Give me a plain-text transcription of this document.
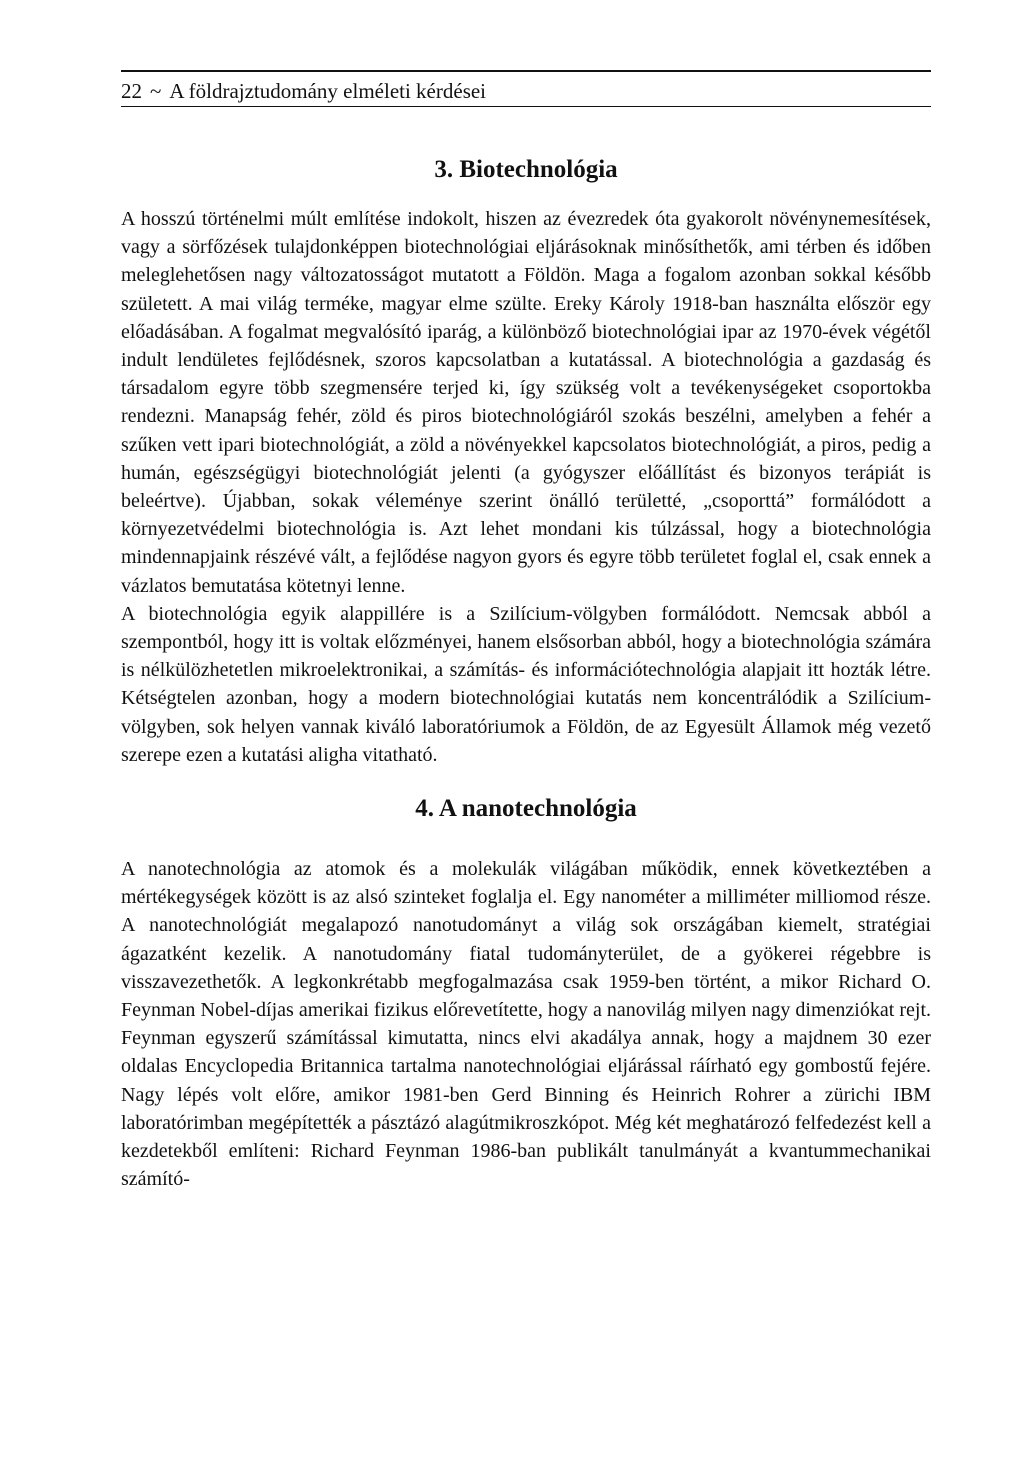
22 ~ A földrajztudomány elméleti kérdései
3. Biotechnológia

A hosszú történelmi múlt említése indokolt, hiszen az évezredek óta gyakorolt növénynemesítések, vagy a sörfőzések tulajdonképpen biotechnológiai eljárásoknak minősíthetők, ami térben és időben meleglehetősen nagy változatosságot mutatott a Földön. Maga a fogalom azonban sokkal később született. A mai világ terméke, magyar elme szülte. Ereky Károly 1918-ban használta először egy előadásában. A fogalmat megvalósító iparág, a különböző biotechnológiai ipar az 1970-évek végétől indult lendületes fejlődésnek, szoros kapcsolatban a kutatással. A biotechnológia a gazdaság és társadalom egyre több szegmensére terjed ki, így szükség volt a tevékenységeket csoportokba rendezni. Manapság fehér, zöld és piros biotechnológiáról szokás beszélni, amelyben a fehér a szűken vett ipari biotechnológiát, a zöld a növényekkel kapcsolatos biotechnológiát, a piros, pedig a humán, egészségügyi biotechnológiát jelenti (a gyógyszer előállítást és bizonyos terápiát is beleértve). Újabban, sokak véleménye szerint önálló területté, „csoporttá” formálódott a környezetvédelmi biotechnológia is. Azt lehet mondani kis túlzással, hogy a biotechnológia mindennapjaink részévé vált, a fejlődése nagyon gyors és egyre több területet foglal el, csak ennek a vázlatos bemutatása kötetnyi lenne.

A biotechnológia egyik alappillére is a Szilícium-völgyben formálódott. Nemcsak abból a szempontból, hogy itt is voltak előzményei, hanem elsősorban abból, hogy a biotechnológia számára is nélkülözhetetlen mikroelektronikai, a számítás- és információtechnológia alapjait itt hozták létre. Kétségtelen azonban, hogy a modern biotechnológiai kutatás nem koncentrálódik a Szilícium-völgyben, sok helyen vannak kiváló laboratóriumok a Földön, de az Egyesült Államok még vezető szerepe ezen a kutatási aligha vitatható.

4. A nanotechnológia

A nanotechnológia az atomok és a molekulák világában működik, ennek következtében a mértékegységek között is az alsó szinteket foglalja el. Egy nanométer a milliméter milliomod része. A nanotechnológiát megalapozó nanotudományt a világ sok országában kiemelt, stratégiai ágazatként kezelik. A nanotudomány fiatal tudományterület, de a gyökerei régebbre is visszavezethetők. A legkonkrétabb megfogalmazása csak 1959-ben történt, a mikor Richard O. Feynman Nobel-díjas amerikai fizikus előrevetítette, hogy a nanovilág milyen nagy dimenziókat rejt. Feynman egyszerű számítással kimutatta, nincs elvi akadálya annak, hogy a majdnem 30 ezer oldalas Encyclopedia Britannica tartalma nanotechnológiai eljárással ráírható egy gombostű fejére. Nagy lépés volt előre, amikor 1981-ben Gerd Binning és Heinrich Rohrer a zürichi IBM laboratórimban megépítették a pásztázó alagútmikroszkópot. Még két meghatározó felfedezést kell a kezdetekből említeni: Richard Feynman 1986-ban publikált tanulmányát a kvantummechanikai számító-
